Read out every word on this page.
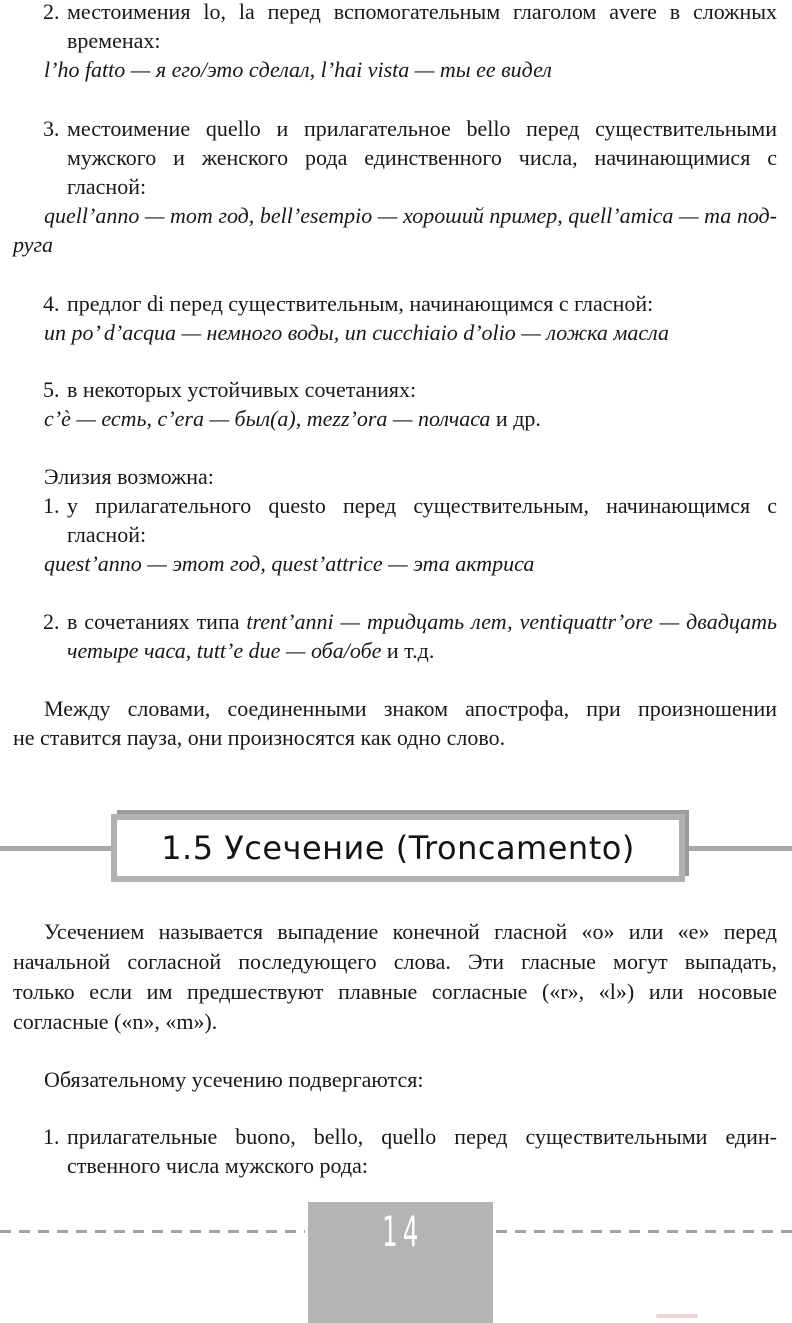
2. местоимения lo, la перед вспомогательным глаголом avere в сложных
временах:
l’ho fatto — я его/это сделал, l’hai vista — ты ее видел
3. местоимение quello и прилагательное bello перед существительными
мужского и женского рода единственного числа, начинающимися с
гласной:
quell’anno — тот год, bell’esempio — хороший пример, quell’amica — та под-
руга
4. предлог di перед существительным, начинающимся с гласной:
un po’ d’acqua — немного воды, un cucchiaio d’olio — ложка масла
5. в некоторых устойчивых сочетаниях:
c’è — есть, c’era — был(а), mezz’ora — полчаса и др.
Элизия возможна:
1. у прилагательного questo перед существительным, начинающимся с
гласной:
quest’anno — этот год, quest’attrice — эта актриса
2. в сочетаниях типа trent’anni — тридцать лет, ventiquattr’ore — двадцать
четыре часа, tutt’e due — оба/обе и т.д.
Между словами, соединенными знаком апострофа, при произношении
не ставится пауза, они произносятся как одно слово.
1.5 Усечение (Troncamento)
Усечением называется выпадение конечной гласной «о» или «е» перед
начальной согласной последующего слова. Эти гласные могут выпадать,
только если им предшествуют плавные согласные («r», «l») или носовые
согласные («n», «m»).
Обязательному усечению подвергаются:
1. прилагательные buono, bello, quello перед существительными един-
ственного числа мужского рода:
14
